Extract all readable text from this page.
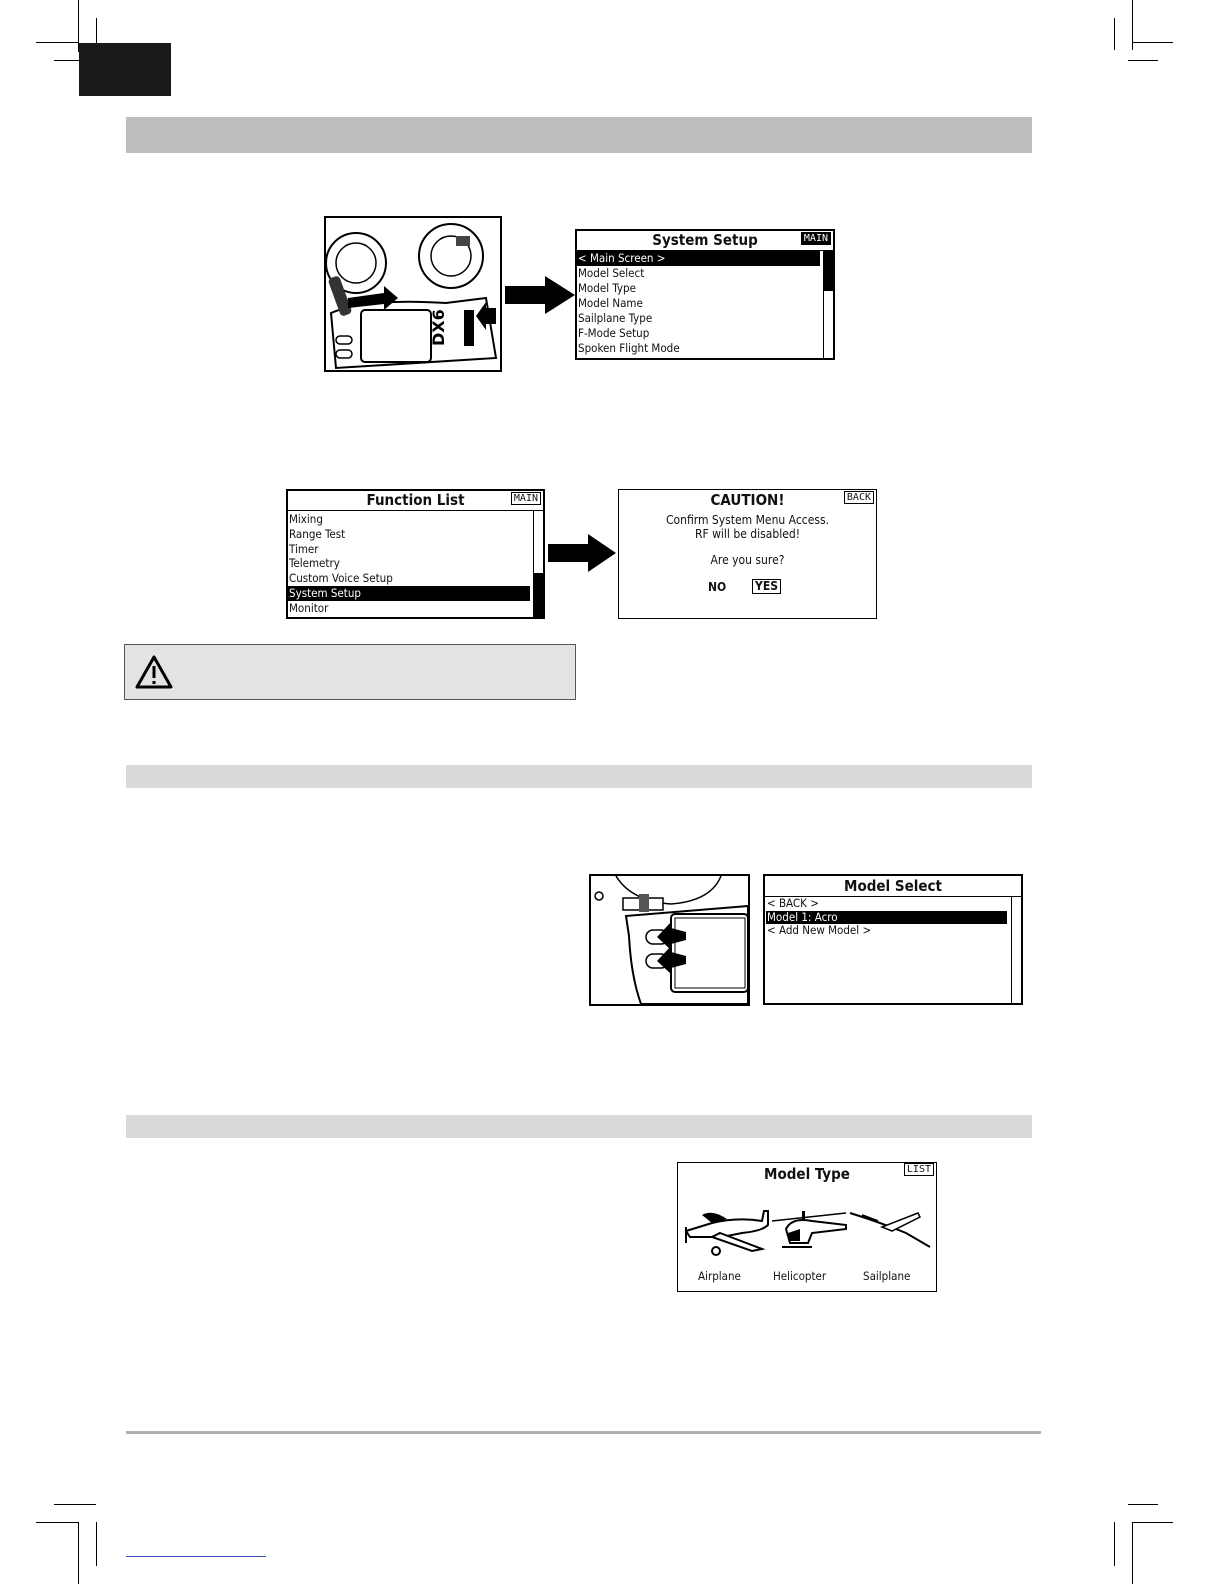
DX6
System Setup	MAIN
< Main Screen >
Model Select
Model Type
Model Name
Sailplane Type
F-Mode Setup
Spoken Flight Mode
Function List	MAIN
Mixing
Range Test
Timer
Telemetry
Custom Voice Setup
System Setup
Monitor
CAUTION!	BACK
Confirm System Menu Access.
RF will be disabled!
Are you sure?
NO YES
Model Select
< BACK >
Model 1: Acro
< Add New Model >
Model Type	LIST
Airplane	Helicopter	Sailplane
